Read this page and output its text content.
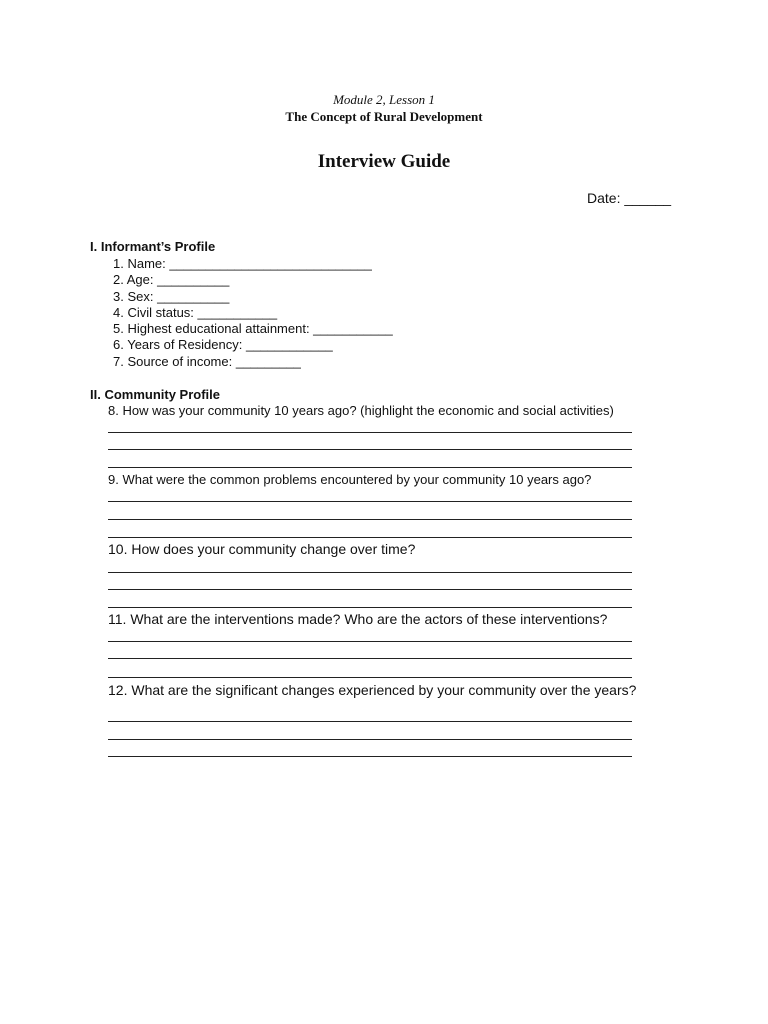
Module 2, Lesson 1
The Concept of Rural Development
Interview Guide
Date: ______
I. Informant’s Profile
1. Name: ____________________________
2. Age: __________
3. Sex: __________
4. Civil status: ___________
5. Highest educational attainment: ___________
6. Years of Residency: ____________
7. Source of income: _________
II. Community Profile
8. How was your community 10 years ago? (highlight the economic and social activities)
9. What were the common problems encountered by your community 10 years ago?
10. How does your community change over time?
11. What are the interventions made? Who are the actors of these interventions?
12. What are the significant changes experienced by your community over the years?
